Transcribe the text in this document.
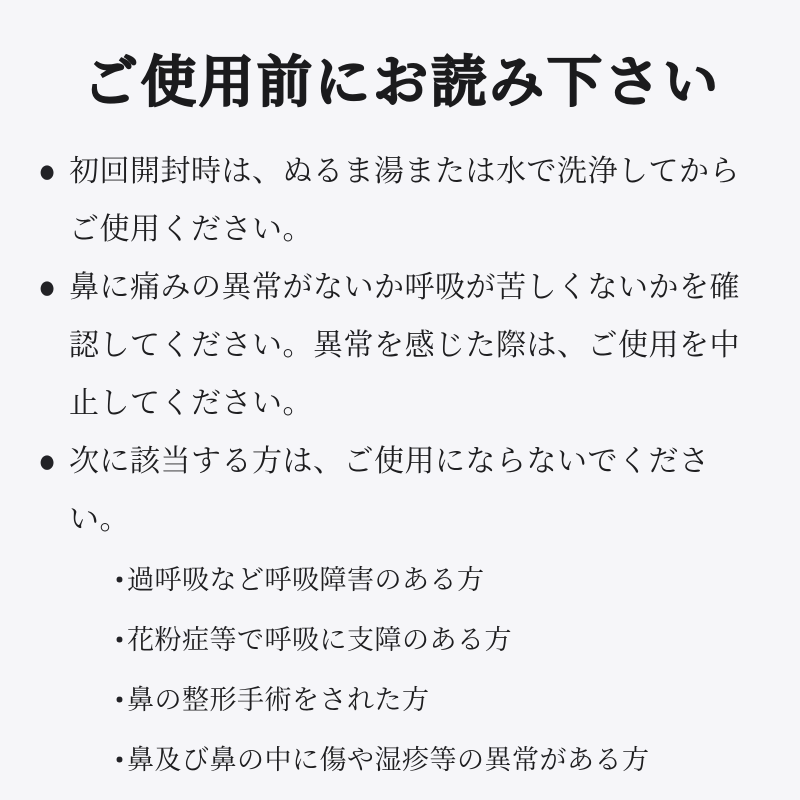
ご使用前にお読み下さい
● 初回開封時は、ぬるま湯または水で洗浄してからご使用ください。
● 鼻に痛みの異常がないか呼吸が苦しくないかを確認してください。異常を感じた際は、ご使用を中止してください。
● 次に該当する方は、ご使用にならないでください。
・
過呼吸など呼吸障害のある方
・
花粉症等で呼吸に支障のある方
・
鼻の整形手術をされた方
・
鼻及び鼻の中に傷や湿疹等の異常がある方
